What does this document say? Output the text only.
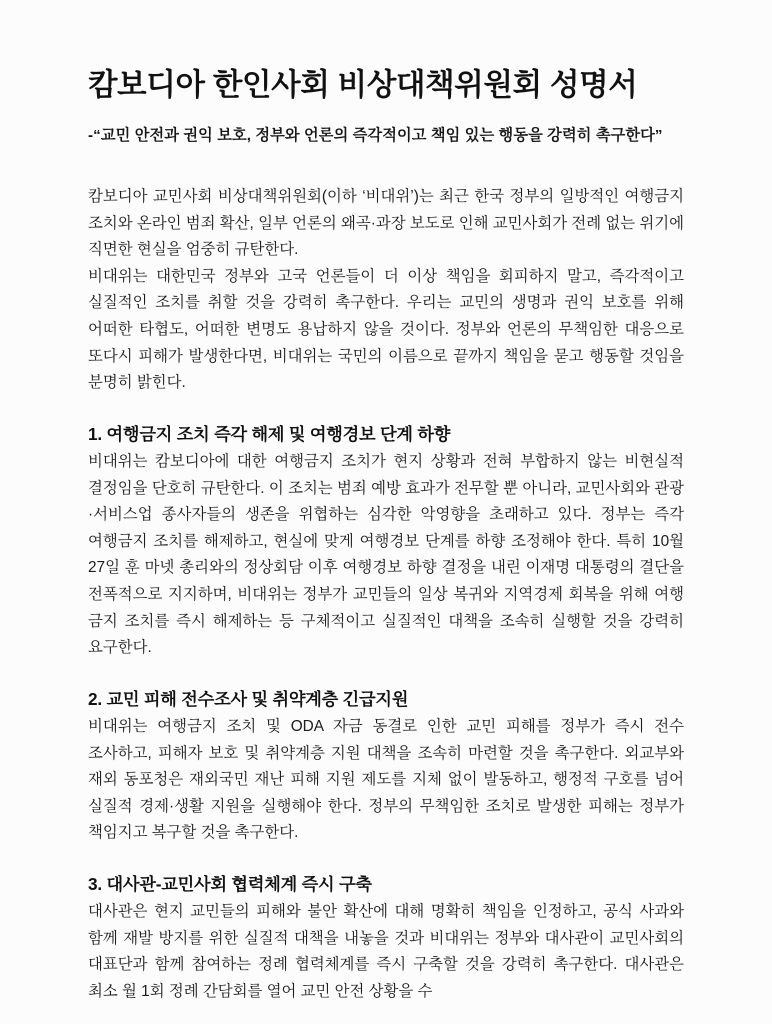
캄보디아 한인사회 비상대책위원회 성명서

-“교민 안전과 권익 보호, 정부와 언론의 즉각적이고 책임 있는 행동을 강력히 촉구한다”

캄보디아 교민사회 비상대책위원회(이하 ‘비대위’)는 최근 한국 정부의 일방적인 여행금지 조치와 온라인 범죄 확산, 일부 언론의 왜곡·과장 보도로 인해 교민사회가 전례 없는 위기에 직면한 현실을 엄중히 규탄한다.

비대위는 대한민국 정부와 고국 언론들이 더 이상 책임을 회피하지 말고, 즉각적이고 실질적인 조치를 취할 것을 강력히 촉구한다. 우리는 교민의 생명과 권익 보호를 위해 어떠한 타협도, 어떠한 변명도 용납하지 않을 것이다. 정부와 언론의 무책임한 대응으로 또다시 피해가 발생한다면, 비대위는 국민의 이름으로 끝까지 책임을 묻고 행동할 것임을 분명히 밝힌다.

1. 여행금지 조치 즉각 해제 및 여행경보 단계 하향

비대위는 캄보디아에 대한 여행금지 조치가 현지 상황과 전혀 부합하지 않는 비현실적 결정임을 단호히 규탄한다. 이 조치는 범죄 예방 효과가 전무할 뿐 아니라, 교민사회와 관광·서비스업 종사자들의 생존을 위협하는 심각한 악영향을 초래하고 있다. 정부는 즉각 여행금지 조치를 해제하고, 현실에 맞게 여행경보 단계를 하향 조정해야 한다. 특히 10월 27일 훈 마넷 총리와의 정상회담 이후 여행경보 하향 결정을 내린 이재명 대통령의 결단을 전폭적으로 지지하며, 비대위는 정부가 교민들의 일상 복귀와 지역경제 회복을 위해 여행 금지 조치를 즉시 해제하는 등 구체적이고 실질적인 대책을 조속히 실행할 것을 강력히 요구한다.

2. 교민 피해 전수조사 및 취약계층 긴급지원

비대위는 여행금지 조치 및 ODA 자금 동결로 인한 교민 피해를 정부가 즉시 전수 조사하고, 피해자 보호 및 취약계층 지원 대책을 조속히 마련할 것을 촉구한다. 외교부와 재외 동포청은 재외국민 재난 피해 지원 제도를 지체 없이 발동하고, 행정적 구호를 넘어 실질적 경제·생활 지원을 실행해야 한다. 정부의 무책임한 조치로 발생한 피해는 정부가 책임지고 복구할 것을 촉구한다.

3. 대사관-교민사회 협력체계 즉시 구축

대사관은 현지 교민들의 피해와 불안 확산에 대해 명확히 책임을 인정하고, 공식 사과와 함께 재발 방지를 위한 실질적 대책을 내놓을 것과 비대위는 정부와 대사관이 교민사회의 대표단과 함께 참여하는 정례 협력체계를 즉시 구축할 것을 강력히 촉구한다. 대사관은 최소 월 1회 정례 간담회를 열어 교민 안전 상황을 수
